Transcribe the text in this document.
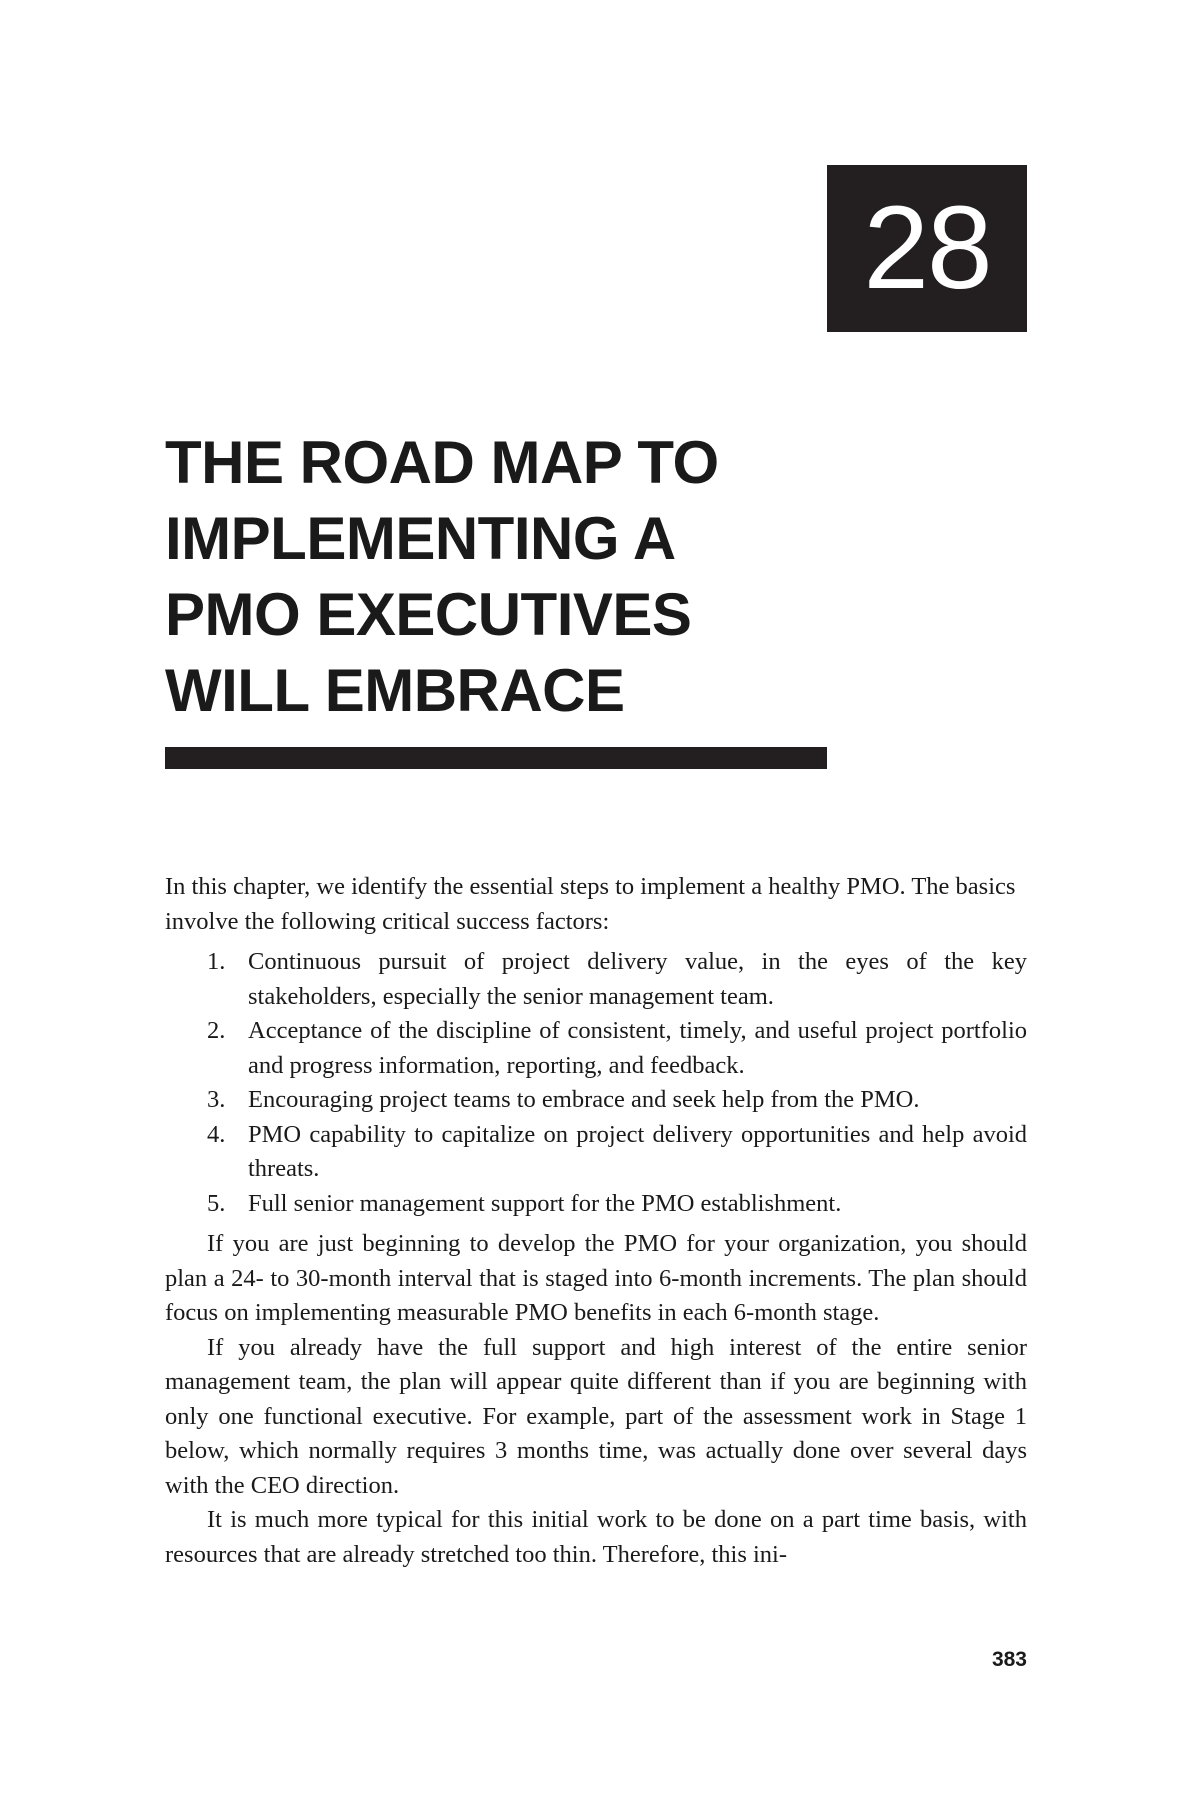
28
THE ROAD MAP TO
IMPLEMENTING A
PMO EXECUTIVES
WILL EMBRACE

In this chapter, we identify the essential steps to implement a healthy PMO. The basics involve the following critical success factors:

1. Continuous pursuit of project delivery value, in the eyes of the key stakeholders, especially the senior management team.
2. Acceptance of the discipline of consistent, timely, and useful project portfolio and progress information, reporting, and feedback.
3. Encouraging project teams to embrace and seek help from the PMO.
4. PMO capability to capitalize on project delivery opportunities and help avoid threats.
5. Full senior management support for the PMO establishment.

If you are just beginning to develop the PMO for your organization, you should plan a 24- to 30-month interval that is staged into 6-month increments. The plan should focus on implementing measurable PMO benefits in each 6-month stage.

If you already have the full support and high interest of the entire senior management team, the plan will appear quite different than if you are beginning with only one functional executive. For example, part of the assessment work in Stage 1 below, which normally requires 3 months time, was actually done over several days with the CEO direction.

It is much more typical for this initial work to be done on a part time basis, with resources that are already stretched too thin. Therefore, this ini-

383
